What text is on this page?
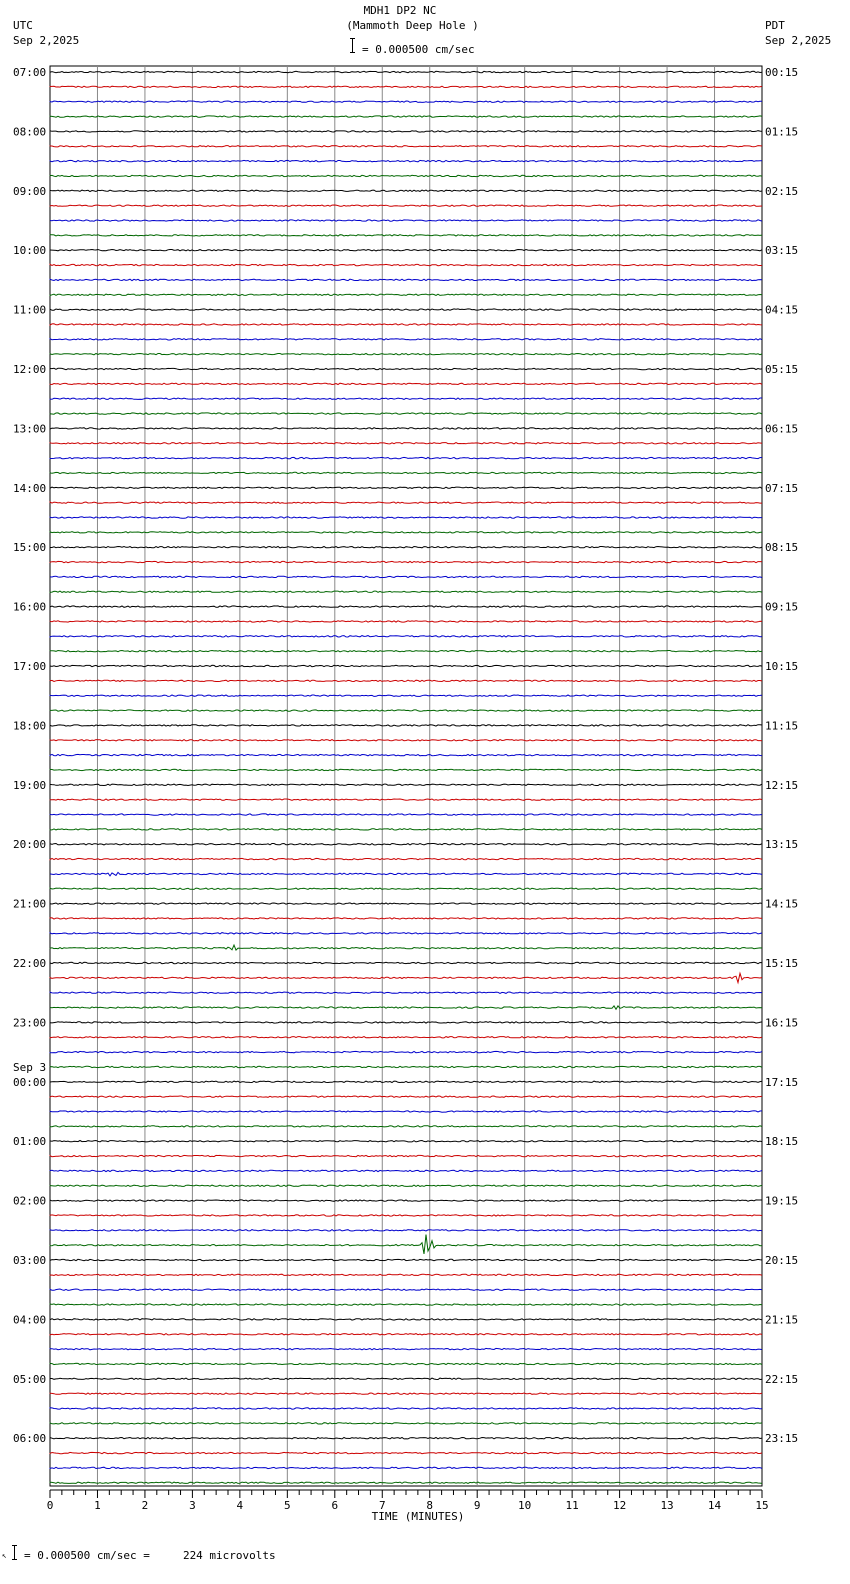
MDH1 DP2 NC
(Mammoth Deep Hole )
= 0.000500 cm/sec
UTC
Sep 2,2025
PDT
Sep 2,2025
07:00
08:00
09:00
10:00
11:00
12:00
13:00
14:00
15:00
16:00
17:00
18:00
19:00
20:00
21:00
22:00
23:00
00:00
Sep 3
01:00
02:00
03:00
04:00
05:00
06:00
00:15
01:15
02:15
03:15
04:15
05:15
06:15
07:15
08:15
09:15
10:15
11:15
12:15
13:15
14:15
15:15
16:15
17:15
18:15
19:15
20:15
21:15
22:15
23:15
0	1	2	3	4	5	6	7	8	9	10	11	12	13	14	15
TIME (MINUTES)
↖ = 0.000500 cm/sec =     224 microvolts
